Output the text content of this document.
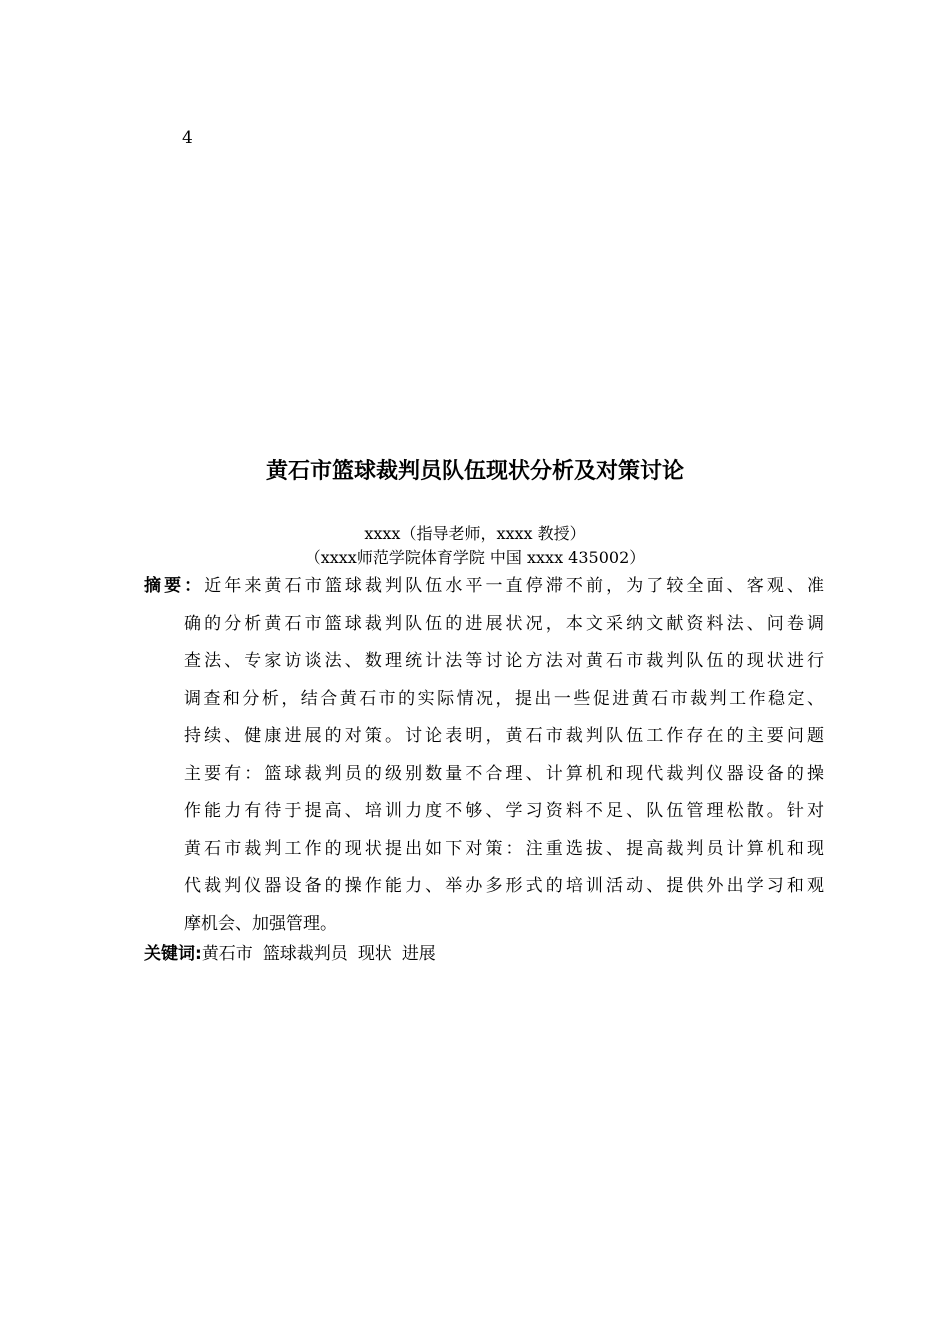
4
黄石市篮球裁判员队伍现状分析及对策讨论
xxxx（指导老师，xxxx 教授）
（xxxx师范学院体育学院 中国 xxxx 435002）
摘要：近年来黄石市篮球裁判队伍水平一直停滞不前，为了较全面、客观、准
确的分析黄石市篮球裁判队伍的进展状况，本文采纳文献资料法、问卷调
查法、专家访谈法、数理统计法等讨论方法对黄石市裁判队伍的现状进行
调查和分析，结合黄石市的实际情况，提出一些促进黄石市裁判工作稳定、
持续、健康进展的对策。讨论表明，黄石市裁判队伍工作存在的主要问题
主要有：篮球裁判员的级别数量不合理、计算机和现代裁判仪器设备的操
作能力有待于提高、培训力度不够、学习资料不足、队伍管理松散。针对
黄石市裁判工作的现状提出如下对策：注重选拔、提高裁判员计算机和现
代裁判仪器设备的操作能力、举办多形式的培训活动、提供外出学习和观
摩机会、加强管理。
关键词:黄石市 篮球裁判员 现状 进展
